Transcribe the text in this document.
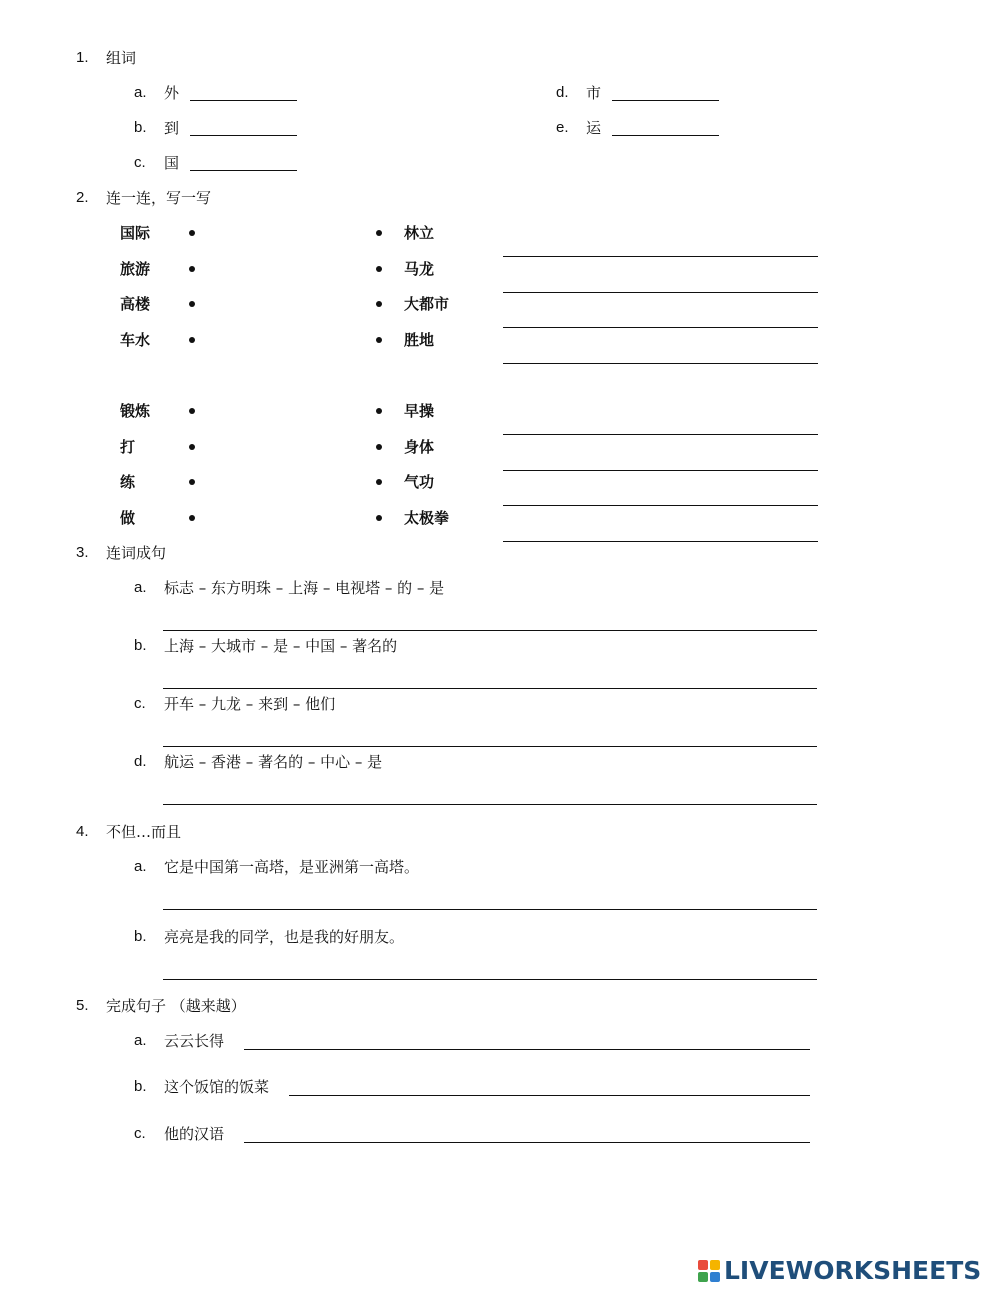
1. 组词
a. 外
b. 到
c. 国
d. 市
e. 运
2. 连一连，写一写
国际
旅游
高楼
车水
林立
马龙
大都市
胜地
锻炼
打
练
做
早操
身体
气功
太极拳
3. 连词成句
a. 标志 – 东方明珠 – 上海 – 电视塔 – 的 – 是
b. 上海 – 大城市 – 是 – 中国 – 著名的
c. 开车 – 九龙 – 来到 – 他们
d. 航运 – 香港 – 著名的 – 中心 – 是
4. 不但…而且
a. 它是中国第一高塔，是亚洲第一高塔。
b. 亮亮是我的同学，也是我的好朋友。
5. 完成句子 （越来越）
a. 云云长得
b. 这个饭馆的饭菜
c. 他的汉语
LIVEWORKSHEETS
